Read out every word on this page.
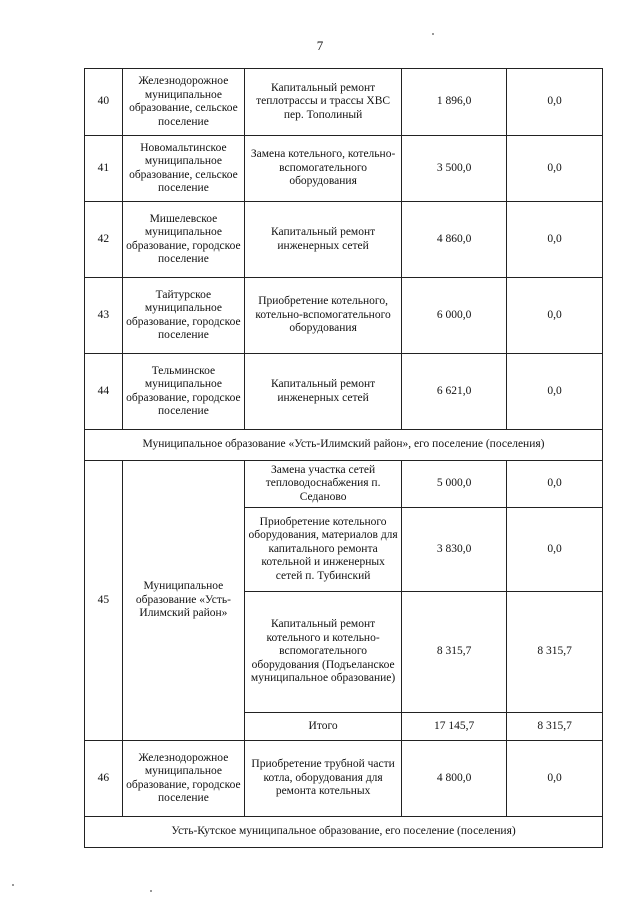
7
40	Железнодорожное муниципальное образование, сельское поселение	Капитальный ремонт теплотрассы и трассы ХВС пер. Тополиный	1 896,0	0,0
41	Новомальтинское муниципальное образование, сельское поселение	Замена котельного, котельно-вспомогательного оборудования	3 500,0	0,0
42	Мишелевское муниципальное образование, городское поселение	Капитальный ремонт инженерных сетей	4 860,0	0,0
43	Тайтурское муниципальное образование, городское поселение	Приобретение котельного, котельно-вспомогательного оборудования	6 000,0	0,0
44	Тельминское муниципальное образование, городское поселение	Капитальный ремонт инженерных сетей	6 621,0	0,0
Муниципальное образование «Усть-Илимский район», его поселение (поселения)				
45	Муниципальное образование «Усть-Илимский район»	Замена участка сетей тепловодоснабжения п. Седаново	5 000,0	0,0
		Приобретение котельного оборудования, материалов для капитального ремонта котельной и инженерных сетей п. Тубинский	3 830,0	0,0
		Капитальный ремонт котельного и котельно-вспомогательного оборудования (Подъеланское муниципальное образование)	8 315,7	8 315,7
		Итого	17 145,7	8 315,7
46	Железнодорожное муниципальное образование, городское поселение	Приобретение трубной части котла, оборудования для ремонта котельных	4 800,0	0,0
Усть-Кутское муниципальное образование, его поселение (поселения)				
